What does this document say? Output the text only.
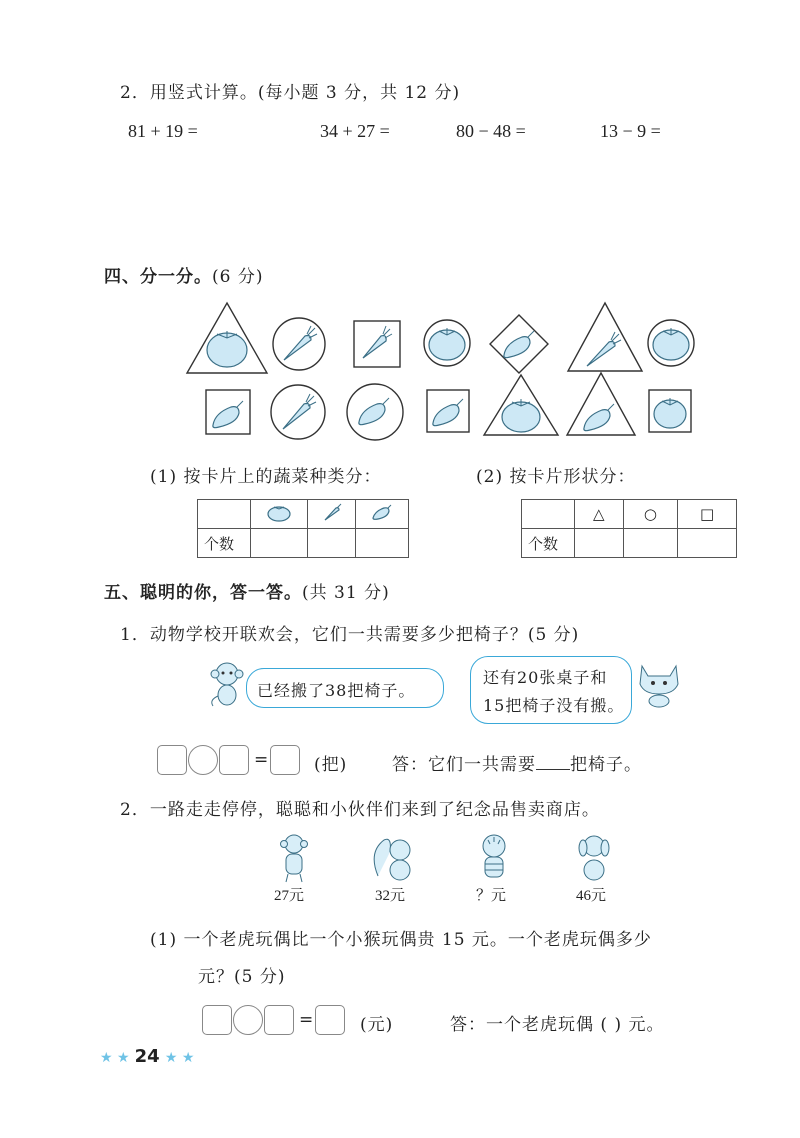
2．用竖式计算。(每小题 3 分，共 12 分)
81 + 19 =	34 + 27 =	80 − 48 =	13 − 9 =
四、分一分。(6 分)
(1) 按卡片上的蔬菜种类分：	(2) 按卡片形状分：

个数			
	△	○	□
个数			
五、聪明的你，答一答。(共 31 分)
1．动物学校开联欢会，它们一共需要多少把椅子？(5 分)
已经搬了38把椅子。
还有20张桌子和
15把椅子没有搬。
=	(把)	答：它们一共需要 把椅子。
2．一路走走停停，聪聪和小伙伴们来到了纪念品售卖商店。
27元	32元	？元	46元
(1) 一个老虎玩偶比一个小猴玩偶贵 15 元。一个老虎玩偶多少
元？(5 分)
=	(元)	答：一个老虎玩偶 ( ) 元。
★ ★ 24 ★ ★
